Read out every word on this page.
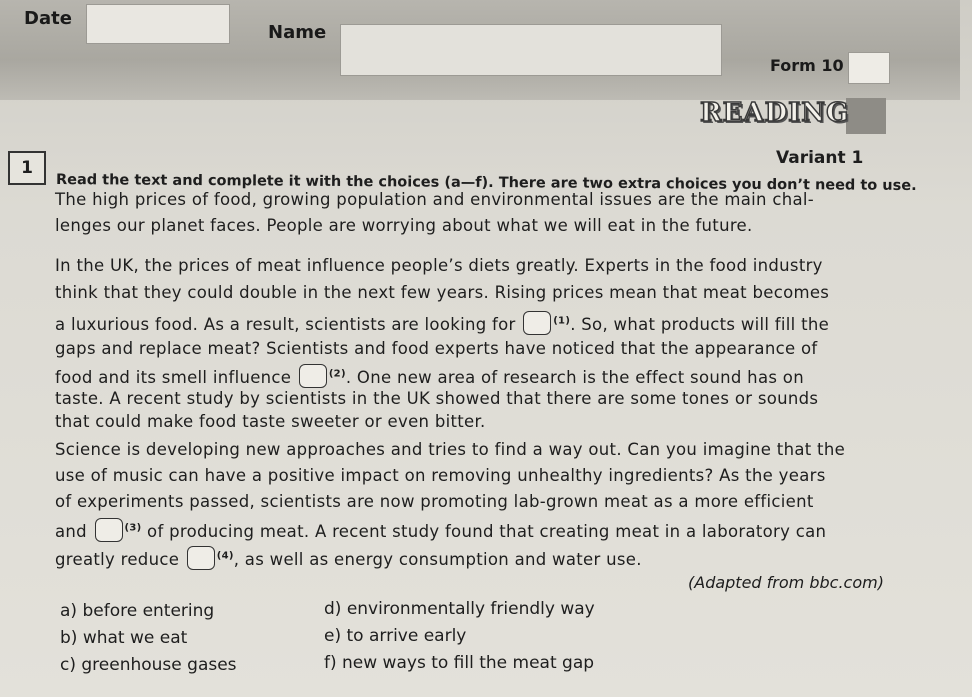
Date
Name
Form 10
READING
Variant 1
1
Read the text and complete it with the choices (a—f). There are two extra choices you don’t need to use.
The high prices of food, growing population and environmental issues are the main chal-
lenges our planet faces. People are worrying about what we will eat in the future.
In the UK, the prices of meat influence people’s diets greatly. Experts in the food industry
think that they could double in the next few years. Rising prices mean that meat becomes
a luxurious food. As a result, scientists are looking for	$^{(1)}$. So, what products will fill the
gaps and replace meat? Scientists and food experts have noticed that the appearance of
food and its smell influence	$^{(2)}$. One new area of research is the effect sound has on
taste. A recent study by scientists in the UK showed that there are some tones or sounds
that could make food taste sweeter or even bitter.
Science is developing new approaches and tries to find a way out. Can you imagine that the
use of music can have a positive impact on removing unhealthy ingredients? As the years
of experiments passed, scientists are now promoting lab-grown meat as a more efficient
and	$^{(3)}$ of producing meat. A recent study found that creating meat in a laboratory can
greatly reduce	$^{(4)}$, as well as energy consumption and water use.
(Adapted from bbc.com)
a) before entering
b) what we eat
c) greenhouse gases
d) environmentally friendly way
e) to arrive early
f) new ways to fill the meat gap
